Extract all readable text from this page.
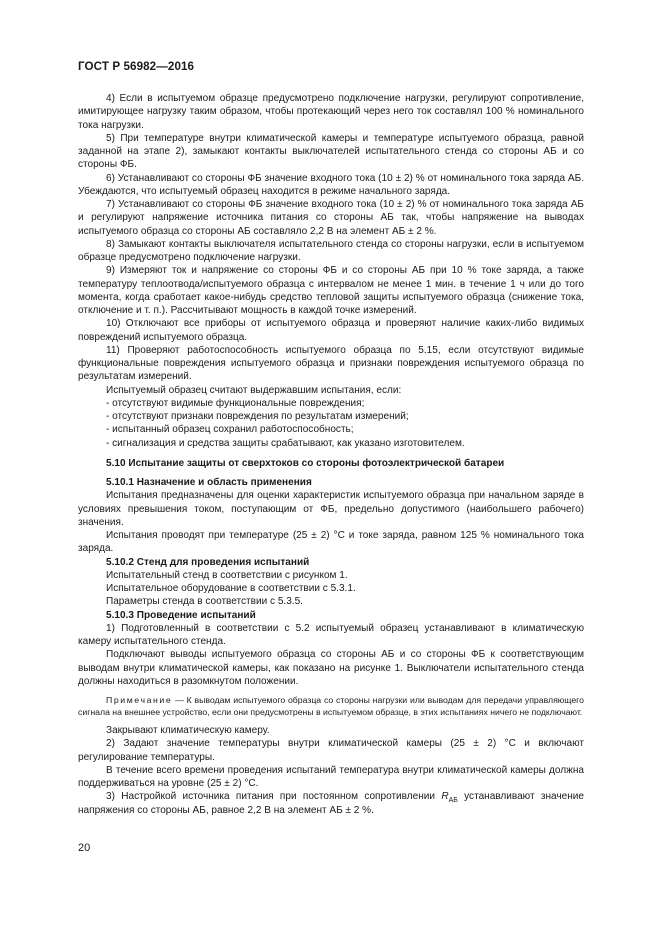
ГОСТ Р 56982—2016

4) Если в испытуемом образце предусмотрено подключение нагрузки, регулируют сопротивление, имитирующее нагрузку таким образом, чтобы протекающий через него ток составлял 100 % номинального тока нагрузки.

5) При температуре внутри климатической камеры и температуре испытуемого образца, равной заданной на этапе 2), замыкают контакты выключателей испытательного стенда со стороны АБ и со стороны ФБ.

6) Устанавливают со стороны ФБ значение входного тока (10 ± 2) % от номинального тока заряда АБ. Убеждаются, что испытуемый образец находится в режиме начального заряда.

7) Устанавливают со стороны ФБ значение входного тока (10 ± 2) % от номинального тока заряда АБ и регулируют напряжение источника питания со стороны АБ так, чтобы напряжение на выводах испытуемого образца со стороны АБ составляло 2,2 В на элемент АБ ± 2 %.

8) Замыкают контакты выключателя испытательного стенда со стороны нагрузки, если в испытуемом образце предусмотрено подключение нагрузки.

9) Измеряют ток и напряжение со стороны ФБ и со стороны АБ при 10 % токе заряда, а также температуру теплоотвода/испытуемого образца с интервалом не менее 1 мин. в течение 1 ч или до того момента, когда сработает какое-нибудь средство тепловой защиты испытуемого образца (снижение тока, отключение и т. п.). Рассчитывают мощность в каждой точке измерений.

10) Отключают все приборы от испытуемого образца и проверяют наличие каких-либо видимых повреждений испытуемого образца.

11) Проверяют работоспособность испытуемого образца по 5.15, если отсутствуют видимые функциональные повреждения испытуемого образца и признаки повреждения испытуемого образца по результатам измерений.

Испытуемый образец считают выдержавшим испытания, если:

- отсутствуют видимые функциональные повреждения;

- отсутствуют признаки повреждения по результатам измерений;

- испытанный образец сохранил работоспособность;

- сигнализация и средства защиты срабатывают, как указано изготовителем.

5.10 Испытание защиты от сверхтоков со стороны фотоэлектрической батареи

5.10.1 Назначение и область применения

Испытания предназначены для оценки характеристик испытуемого образца при начальном заряде в условиях превышения током, поступающим от ФБ, предельно допустимого (наибольшего рабочего) значения.

Испытания проводят при температуре (25 ± 2) °С и токе заряда, равном 125 % номинального тока заряда.

5.10.2 Стенд для проведения испытаний

Испытательный стенд в соответствии с рисунком 1.

Испытательное оборудование в соответствии с 5.3.1.

Параметры стенда в соответствии с 5.3.5.

5.10.3 Проведение испытаний

1) Подготовленный в соответствии с 5.2 испытуемый образец устанавливают в климатическую камеру испытательного стенда.

Подключают выводы испытуемого образца со стороны АБ и со стороны ФБ к соответствующим выводам внутри климатической камеры, как показано на рисунке 1. Выключатели испытательного стенда должны находиться в разомкнутом положении.

Примечание — К выводам испытуемого образца со стороны нагрузки или выводам для передачи управляющего сигнала на внешнее устройство, если они предусмотрены в испытуемом образце, в этих испытаниях ничего не подключают.

Закрывают климатическую камеру.

2) Задают значение температуры внутри климатической камеры (25 ± 2) °С и включают регулирование температуры.

В течение всего времени проведения испытаний температура внутри климатической камеры должна поддерживаться на уровне (25 ± 2) °С.

3) Настройкой источника питания при постоянном сопротивлении $R_{АБ}$ устанавливают значение напряжения со стороны АБ, равное 2,2 В на элемент АБ ± 2 %.

20
